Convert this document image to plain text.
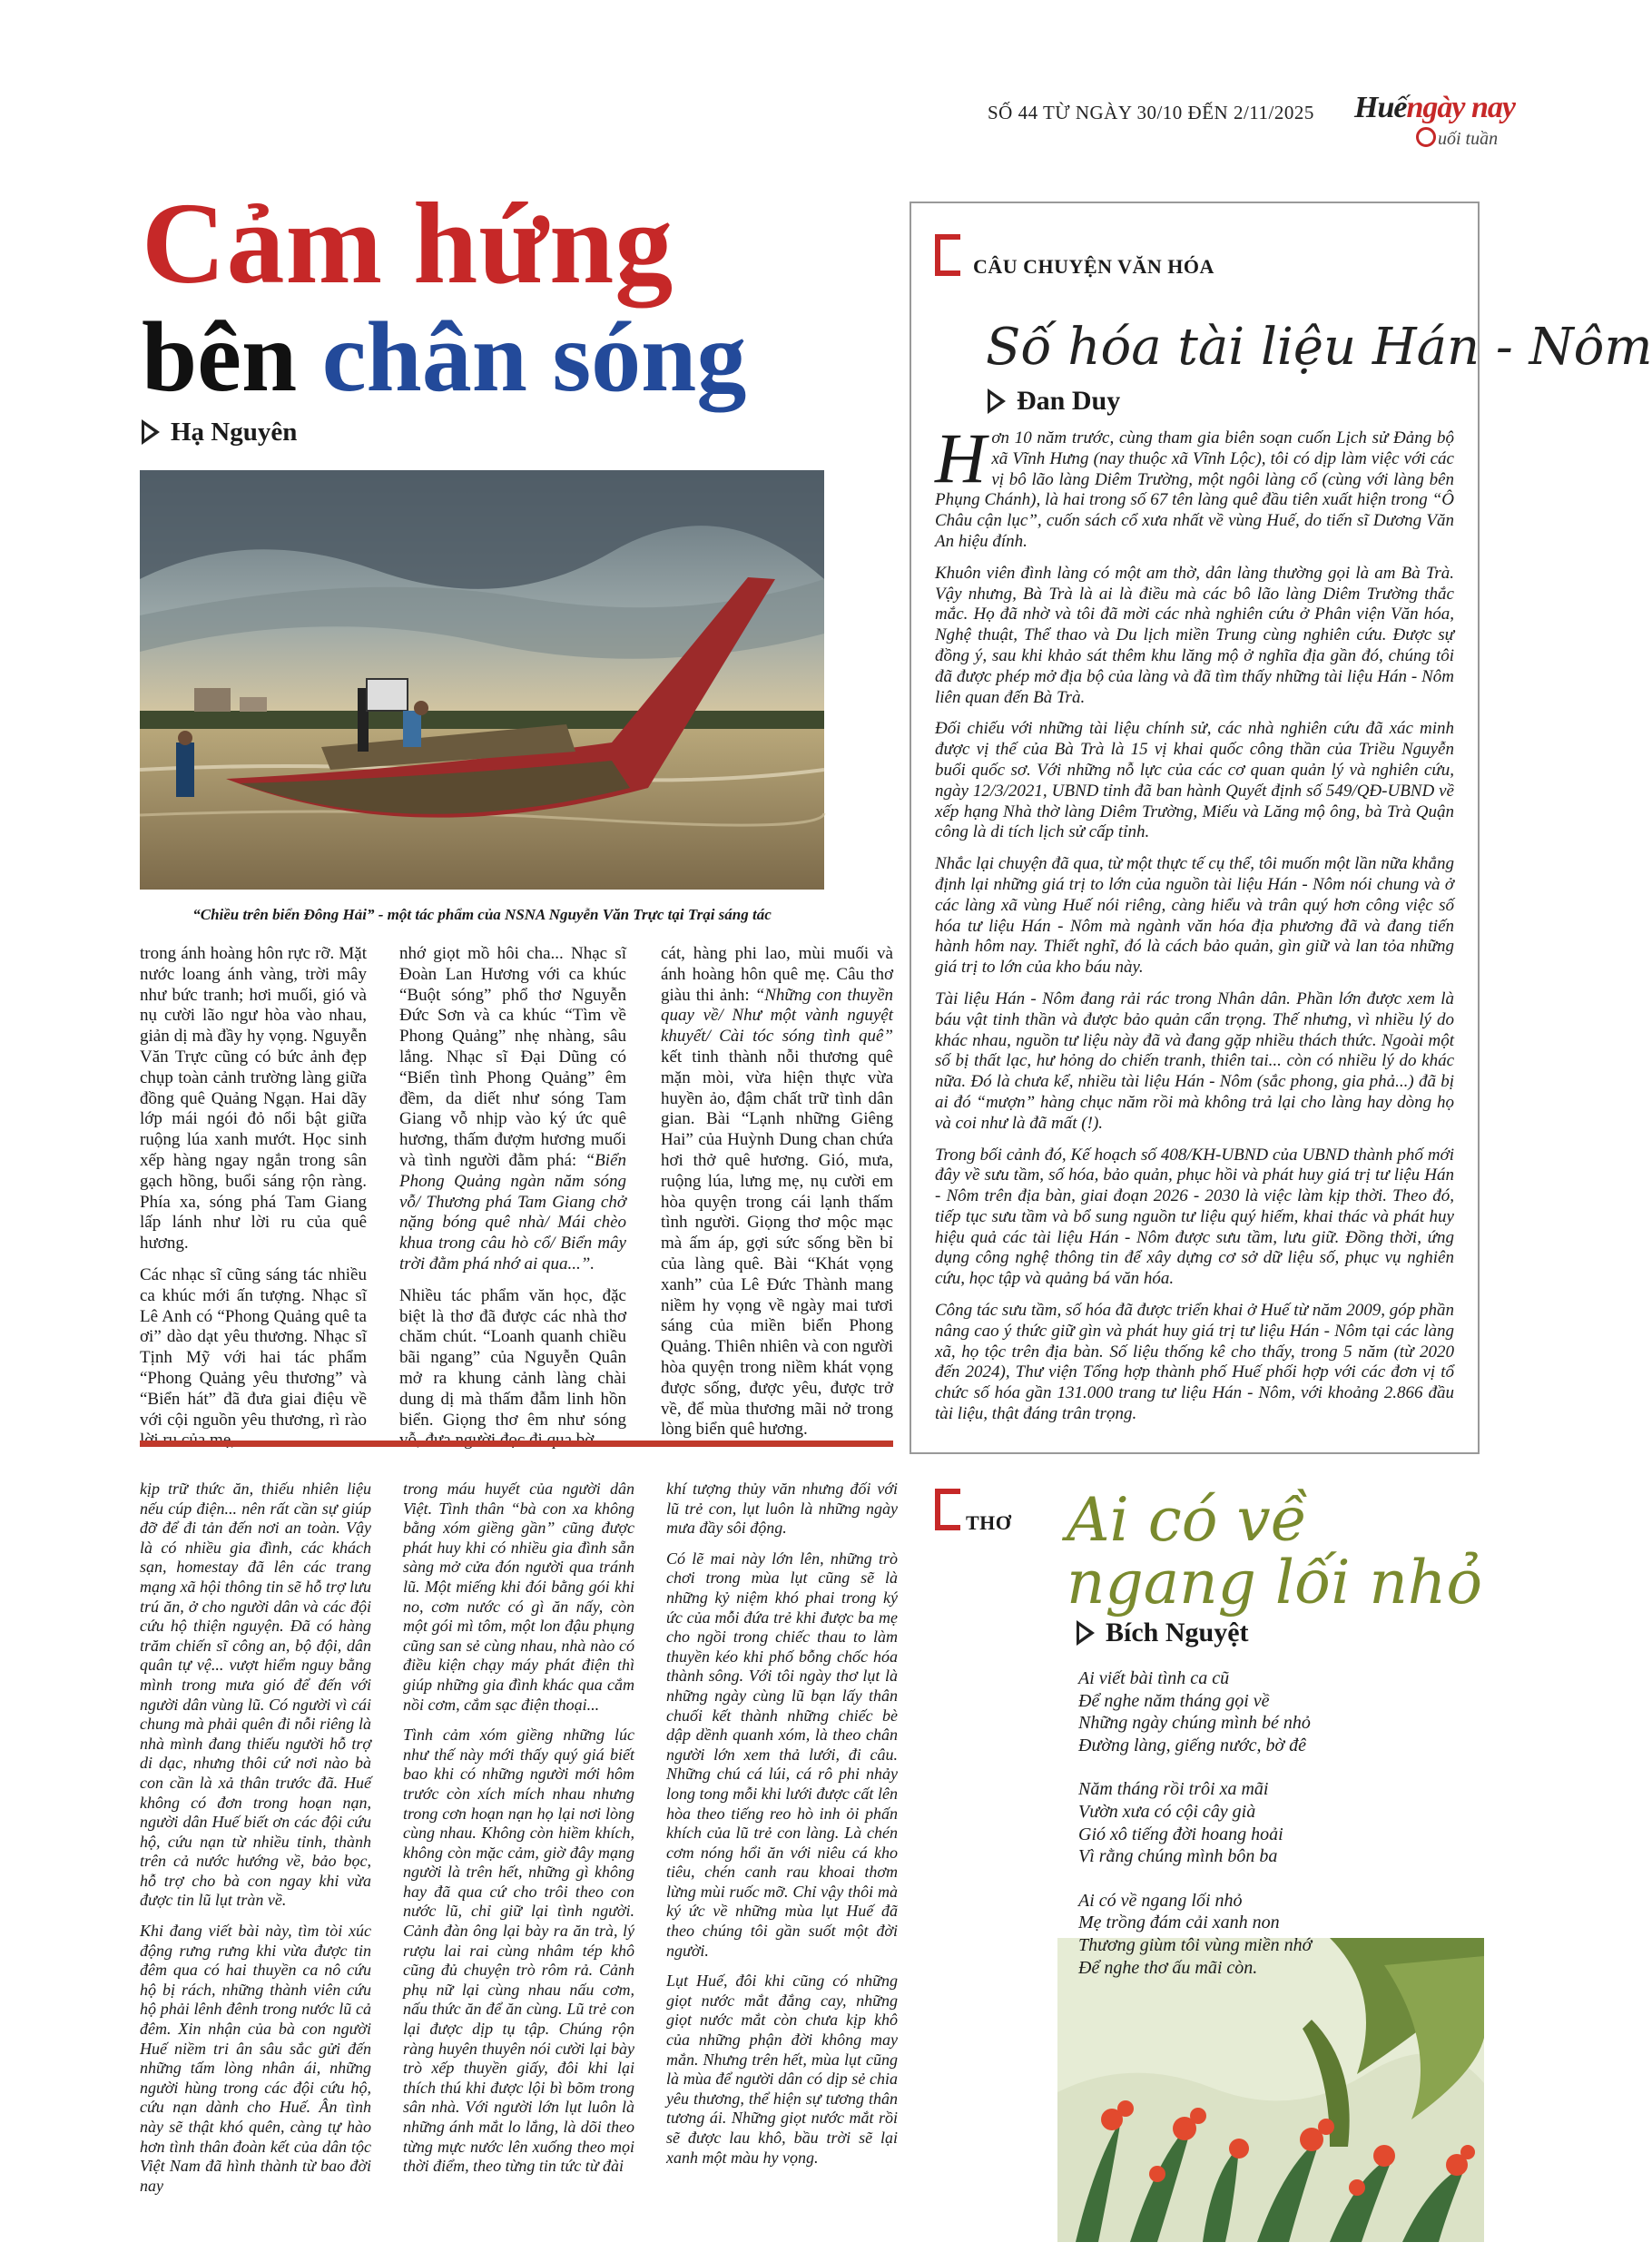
SỐ 44 TỪ NGÀY 30/10 ĐẾN 2/11/2025 Huếngày nay
uối tuần
Cảm hứng
bên chân sóng
Hạ Nguyên
“Chiều trên biển Đông Hải” - một tác phẩm của NSNA Nguyễn Văn Trực tại Trại sáng tác

trong ánh hoàng hôn rực rỡ. Mặt nước loang ánh vàng, trời mây như bức tranh; hơi muối, gió và nụ cười lão ngư hòa vào nhau, giản dị mà đầy hy vọng. Nguyễn Văn Trực cũng có bức ảnh đẹp chụp toàn cảnh trường làng giữa đồng quê Quảng Ngạn. Hai dãy lớp mái ngói đỏ nổi bật giữa ruộng lúa xanh mướt. Học sinh xếp hàng ngay ngắn trong sân gạch hồng, buổi sáng rộn ràng. Phía xa, sóng phá Tam Giang lấp lánh như lời ru của quê hương.

Các nhạc sĩ cũng sáng tác nhiều ca khúc mới ấn tượng. Nhạc sĩ Lê Anh có “Phong Quảng quê ta ơi” dào dạt yêu thương. Nhạc sĩ Tịnh Mỹ với hai tác phẩm “Phong Quảng yêu thương” và “Biển hát” đã đưa giai điệu về với cội nguồn yêu thương, rì rào

nhớ giọt mồ hôi cha... Nhạc sĩ Đoàn Lan Hương với ca khúc “Buột sóng” phổ thơ Nguyễn Đức Sơn và ca khúc “Tìm về Phong Quảng” nhẹ nhàng, sâu lắng. Nhạc sĩ Đại Dũng có “Biển tình Phong Quảng” êm đềm, da diết như sóng Tam Giang vỗ nhịp vào ký ức quê hương, thấm đượm hương muối và tình người đằm phá: “Biển Phong Quảng ngàn năm sóng vỗ/ Thương phá Tam Giang chở nặng bóng quê nhà/ Mái chèo khua trong câu hò cổ/ Biển mây trời đằm phá nhớ ai qua...”.

Nhiều tác phẩm văn học, đặc biệt là thơ đã được các nhà thơ chăm chút. “Loanh quanh chiều bãi ngang” của Nguyễn Quân mở ra khung cảnh làng chài dung dị mà thấm đẫm linh hồn biển. Giọng thơ êm như sóng

cát, hàng phi lao, mùi muối và ánh hoàng hôn quê mẹ. Câu thơ giàu thi ảnh: “Những con thuyền quay về/ Như một vành nguyệt khuyết/ Cài tóc sóng tình quê” kết tinh thành nỗi thương quê mặn mòi, vừa hiện thực vừa huyền ảo, đậm chất trữ tình dân gian. Bài “Lạnh những Giêng Hai” của Huỳnh Dung chan chứa hơi thở quê hương. Gió, mưa, ruộng lúa, lưng mẹ, nụ cười em hòa quyện trong cái lạnh thấm tình người. Giọng thơ mộc mạc mà ấm áp, gợi sức sống bền bỉ của làng quê. Bài “Khát vọng xanh” của Lê Đức Thành mang niềm hy vọng về ngày mai tươi sáng của miền biển Phong Quảng. Thiên nhiên và con người hòa quyện trong niềm khát vọng được sống, được yêu, được trở về, để mùa thương mãi nở trong lòng biển quê hương.

kịp trữ thức ăn, thiếu nhiên liệu nếu cúp điện... nên rất cần sự giúp đỡ để đi tản đến nơi an toàn. Vậy là có nhiều gia đình, các khách sạn, homestay đã lên các trang mạng xã hội thông tin sẽ hỗ trợ lưu trú ăn, ở cho người dân và các đội cứu hộ thiện nguyện. Đã có hàng trăm chiến sĩ công an, bộ đội, dân quân tự vệ... vượt hiểm nguy bằng mình trong mưa gió để đến với người dân vùng lũ. Có người vì cái chung mà phải quên đi nỗi riêng là nhà mình đang thiếu người hỗ trợ di dạc, nhưng thôi cứ nơi nào bà con cần là xả thân trước đã. Huế không có đơn trong hoạn nạn, người dân Huế biết ơn các đội cứu hộ, cứu nạn từ nhiều tỉnh, thành trên cả nước hướng về, bảo bọc, hỗ trợ cho bà con ngay khi vừa được tin lũ lụt tràn về.

Khi đang viết bài này, tìm tòi xúc động rưng rưng khi vừa được tin đêm qua có hai thuyền ca nô cứu hộ bị rách, những thành viên cứu hộ phải lênh đênh trong nước lũ cả đêm. Xin nhận của bà con người Huế niềm tri ân sâu sắc gửi đến những tấm lòng nhân ái, những người hùng trong các đội cứu hộ, cứu nạn dành cho Huế. Ân tình này sẽ thật khó quên, càng tự hào hơn tình thân đoàn kết của dân tộc Việt Nam đã hình thành từ bao đời nay

trong máu huyết của người dân Việt. Tình thân “bà con xa không bằng xóm giềng gần” cũng được phát huy khi có nhiều gia đình sẵn sàng mở cửa đón người qua tránh lũ. Một miếng khi đói bằng gói khi no, cơm nước có gì ăn nấy, còn một gói mì tôm, một lon đậu phụng cũng san sẻ cùng nhau, nhà nào có điều kiện chạy máy phát điện thì giúp những gia đình khác qua cắm nồi cơm, cắm sạc điện thoại...

Tình cảm xóm giềng những lúc như thế này mới thấy quý giá biết bao khi có những người mới hôm trước còn xích mích nhau nhưng trong cơn hoạn nạn họ lại nơi lòng cùng nhau. Không còn hiềm khích, không còn mặc cảm, giờ đây mạng người là trên hết, những gì không hay đã qua cứ cho trôi theo con nước lũ, chỉ giữ lại tình người. Cảnh đàn ông lại bày ra ăn trà, lý rượu lai rai cùng nhâm tép khô cũng đủ chuyện trò rôm rả. Cảnh phụ nữ lại cùng nhau nấu cơm, nấu thức ăn để ăn cùng. Lũ trẻ con lại được dịp tụ tập. Chúng rộn ràng huyên thuyên nói cười lại bày trò xếp thuyền giấy, đôi khi lại thích thú khi được lội bì bõm trong sân nhà. Với người lớn lụt luôn là những ánh mắt lo lắng, là dõi theo từng mực nước lên xuống theo mọi thời điểm, theo từng tin tức từ đài

khí tượng thủy văn nhưng đối với lũ trẻ con, lụt luôn là những ngày mưa đầy sôi động.

Có lẽ mai này lớn lên, những trò chơi trong mùa lụt cũng sẽ là những kỷ niệm khó phai trong ký ức của mỗi đứa trẻ khi được ba mẹ cho ngồi trong chiếc thau to làm thuyền kéo khi phố bỗng chốc hóa thành sông. Với tôi ngày thơ lụt là những ngày cùng lũ bạn lấy thân chuối kết thành những chiếc bè dập dềnh quanh xóm, là theo chân người lớn xem thả lưới, đi câu. Những chú cá lúi, cá rô phi nhảy long tong mỗi khi lưới được cất lên hòa theo tiếng reo hò inh ỏi phấn khích của lũ trẻ con làng. Là chén cơm nóng hổi ăn với niêu cá kho tiêu, chén canh rau khoai thơm lừng mùi ruốc mỡ. Chỉ vậy thôi mà ký ức về những mùa lụt Huế đã theo chúng tôi gần suốt một đời người.

Lụt Huế, đôi khi cũng có những giọt nước mắt đắng cay, những giọt nước mắt còn chưa kịp khô của những phận đời không may mắn. Nhưng trên hết, mùa lụt cũng là mùa để người dân có dịp sẻ chia yêu thương, thể hiện sự tương thân tương ái. Những giọt nước mắt rồi sẽ được lau khô, bầu trời sẽ lại xanh một màu hy vọng.

CÂU CHUYỆN VĂN HÓA
Số hóa tài liệu Hán - Nôm
Đan Duy

Hơn 10 năm trước, cùng tham gia biên soạn cuốn Lịch sử Đảng bộ xã Vĩnh Hưng (nay thuộc xã Vĩnh Lộc), tôi có dịp làm việc với các vị bô lão làng Diêm Trường, một ngôi làng cổ (cùng với làng bên Phụng Chánh), là hai trong số 67 tên làng quê đầu tiên xuất hiện trong “Ô Châu cận lục”, cuốn sách cổ xưa nhất về vùng Huế, do tiến sĩ Dương Văn An hiệu đính.

Khuôn viên đình làng có một am thờ, dân làng thường gọi là am Bà Trà. Vậy nhưng, Bà Trà là ai là điều mà các bô lão làng Diêm Trường thắc mắc. Họ đã nhờ và tôi đã mời các nhà nghiên cứu ở Phân viện Văn hóa, Nghệ thuật, Thể thao và Du lịch miền Trung cùng nghiên cứu. Được sự đồng ý, sau khi khảo sát thêm khu lăng mộ ở nghĩa địa gần đó, chúng tôi đã được phép mở địa bộ của làng và đã tìm thấy những tài liệu Hán - Nôm liên quan đến Bà Trà.

Đối chiếu với những tài liệu chính sử, các nhà nghiên cứu đã xác minh được vị thế của Bà Trà là 15 vị khai quốc công thần của Triều Nguyễn buổi quốc sơ. Với những nỗ lực của các cơ quan quản lý và nghiên cứu, ngày 12/3/2021, UBND tỉnh đã ban hành Quyết định số 549/QĐ-UBND về xếp hạng Nhà thờ làng Diêm Trường, Miếu và Lăng mộ ông, bà Trà Quận công là di tích lịch sử cấp tỉnh.

Nhắc lại chuyện đã qua, từ một thực tế cụ thể, tôi muốn một lần nữa khẳng định lại những giá trị to lớn của nguồn tài liệu Hán - Nôm nói chung và ở các làng xã vùng Huế nói riêng, càng hiểu và trân quý hơn công việc số hóa tư liệu Hán - Nôm mà ngành văn hóa địa phương đã và đang tiến hành hôm nay. Thiết nghĩ, đó là cách bảo quản, gìn giữ và lan tỏa những giá trị to lớn của kho báu này.

Tài liệu Hán - Nôm đang rải rác trong Nhân dân. Phần lớn được xem là báu vật tinh thần và được bảo quản cẩn trọng. Thế nhưng, vì nhiều lý do khác nhau, nguồn tư liệu này đã và đang gặp nhiều thách thức. Ngoài một số bị thất lạc, hư hỏng do chiến tranh, thiên tai... còn có nhiều lý do khác nữa. Đó là chưa kể, nhiều tài liệu Hán - Nôm (sắc phong, gia phả...) đã bị ai đó “mượn” hàng chục năm rồi mà không trả lại cho làng hay dòng họ và coi như là đã mất (!).

Trong bối cảnh đó, Kế hoạch số 408/KH-UBND của UBND thành phố mới đây về sưu tầm, số hóa, bảo quản, phục hồi và phát huy giá trị tư liệu Hán - Nôm trên địa bàn, giai đoạn 2026 - 2030 là việc làm kịp thời. Theo đó, tiếp tục sưu tầm và bổ sung nguồn tư liệu quý hiếm, khai thác và phát huy hiệu quả các tài liệu Hán - Nôm được sưu tầm, lưu giữ. Đồng thời, ứng dụng công nghệ thông tin để xây dựng cơ sở dữ liệu số, phục vụ nghiên cứu, học tập và quảng bá văn hóa.

Công tác sưu tầm, số hóa đã được triển khai ở Huế từ năm 2009, góp phần nâng cao ý thức giữ gìn và phát huy giá trị tư liệu Hán - Nôm tại các làng xã, họ tộc trên địa bàn. Số liệu thống kê cho thấy, trong 5 năm (từ 2020 đến 2024), Thư viện Tổng hợp thành phố Huế phối hợp với các đơn vị tổ chức số hóa gần 131.000 trang tư liệu Hán - Nôm, với khoảng 2.866 đầu tài liệu, thật đáng trân trọng.

THƠ Ai có về
ngang lối nhỏ
Bích Nguyệt

Ai viết bài tình ca cũ
Để nghe năm tháng gọi về
Những ngày chúng mình bé nhỏ
Đường làng, giếng nước, bờ đê

Năm tháng rồi trôi xa mãi
Vườn xưa có cội cây già
Gió xô tiếng đời hoang hoải
Vì rằng chúng mình bôn ba

Ai có về ngang lối nhỏ
Mẹ trồng đám cải xanh non
Thương giùm tôi vùng miền nhớ
Để nghe thơ ấu mãi còn.
